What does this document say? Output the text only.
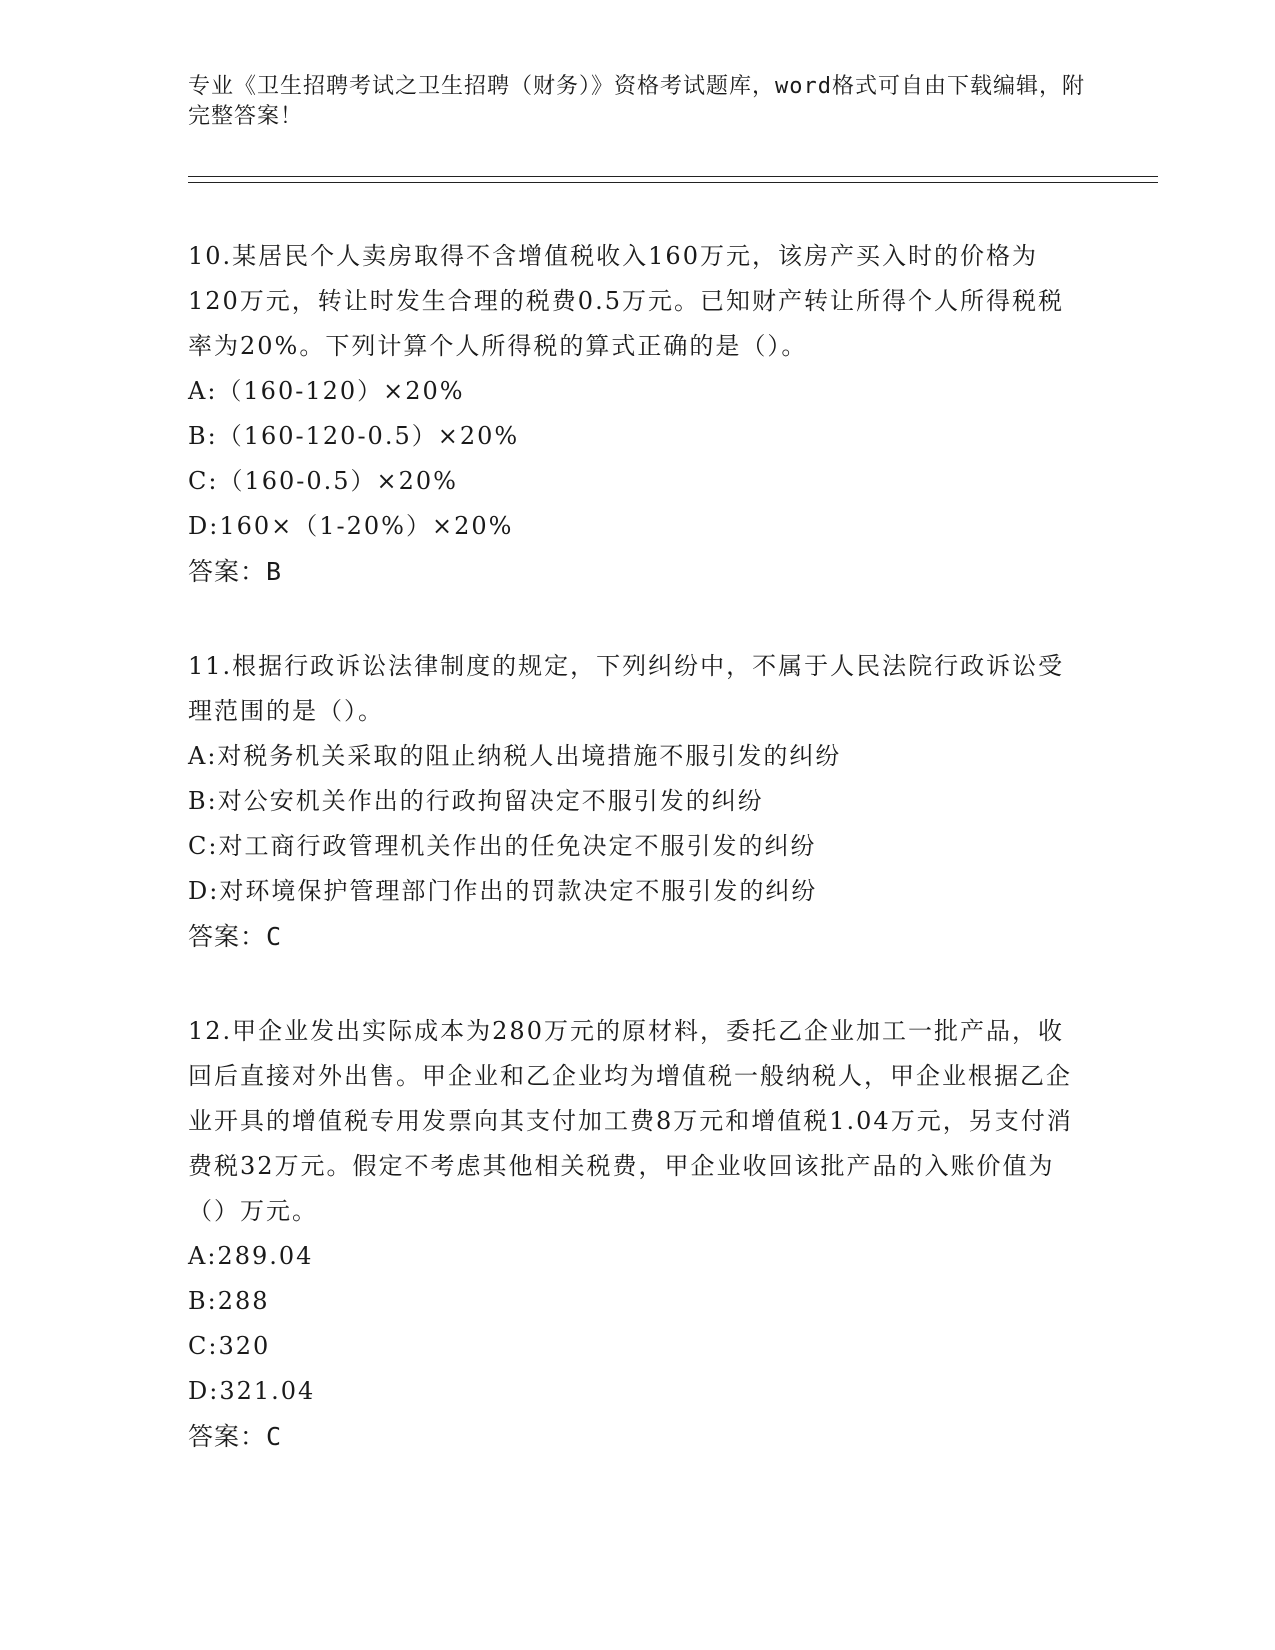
专业《卫生招聘考试之卫生招聘（财务）》资格考试题库，word格式可自由下载编辑，附完整答案！
10.某居民个人卖房取得不含增值税收入160万元，该房产买入时的价格为120万元，转让时发生合理的税费0.5万元。已知财产转让所得个人所得税税率为20%。下列计算个人所得税的算式正确的是（）。
A:（160-120）×20%
B:（160-120-0.5）×20%
C:（160-0.5）×20%
D:160×（1-20%）×20%
答案：B
11.根据行政诉讼法律制度的规定，下列纠纷中，不属于人民法院行政诉讼受理范围的是（）。
A:对税务机关采取的阻止纳税人出境措施不服引发的纠纷
B:对公安机关作出的行政拘留决定不服引发的纠纷
C:对工商行政管理机关作出的任免决定不服引发的纠纷
D:对环境保护管理部门作出的罚款决定不服引发的纠纷
答案：C
12.甲企业发出实际成本为280万元的原材料，委托乙企业加工一批产品，收回后直接对外出售。甲企业和乙企业均为增值税一般纳税人，甲企业根据乙企业开具的增值税专用发票向其支付加工费8万元和增值税1.04万元，另支付消费税32万元。假定不考虑其他相关税费，甲企业收回该批产品的入账价值为（）万元。
A:289.04
B:288
C:320
D:321.04
答案：C
